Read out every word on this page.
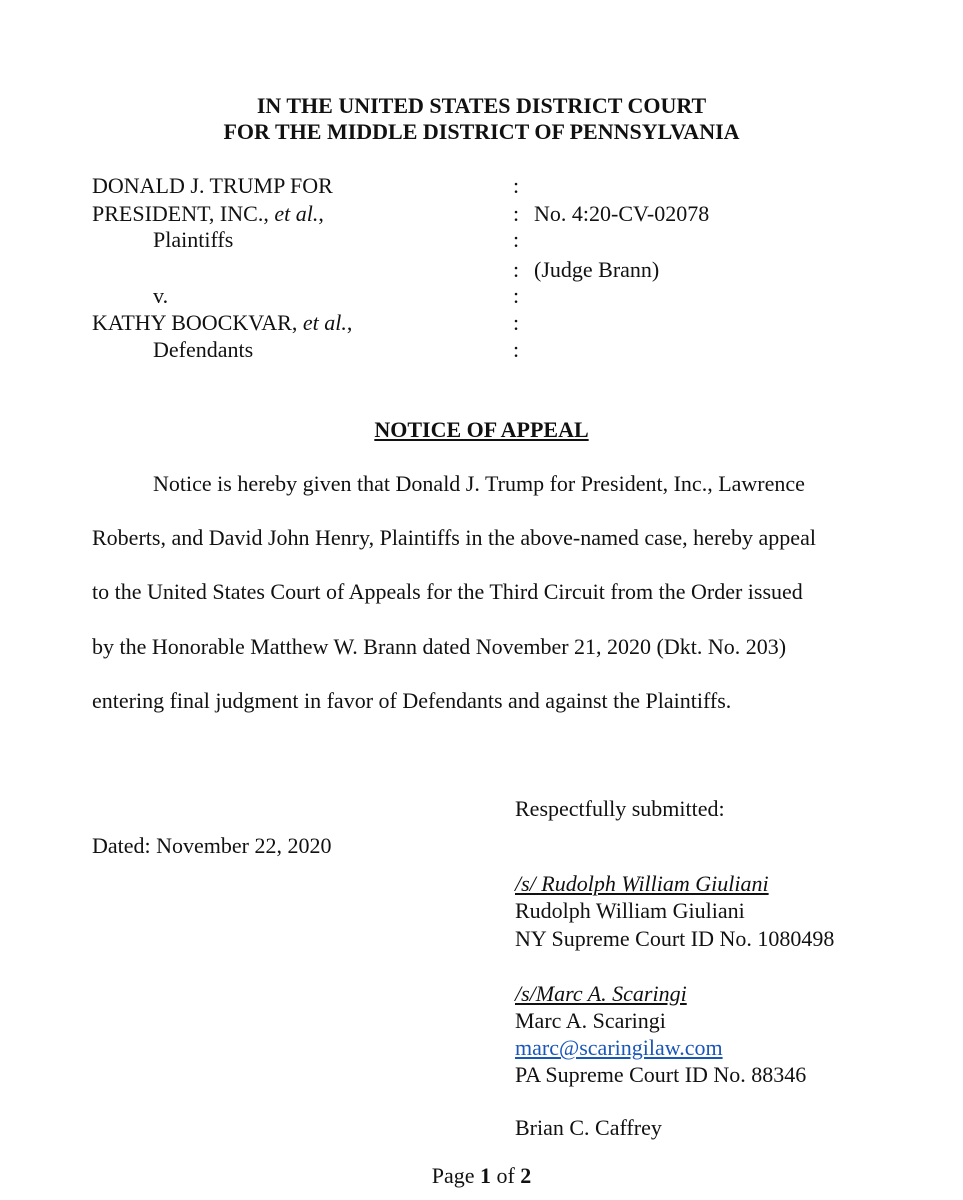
IN THE UNITED STATES DISTRICT COURT
FOR THE MIDDLE DISTRICT OF PENNSYLVANIA
DONALD J. TRUMP FOR
PRESIDENT, INC., et al.,
Plaintiffs
v.
KATHY BOOCKVAR, et al.,
Defendants
:
:
:
:
:
:
:
No. 4:20-CV-02078
(Judge Brann)
NOTICE OF APPEAL
Notice is hereby given that Donald J. Trump for President, Inc., Lawrence
Roberts, and David John Henry, Plaintiffs in the above-named case, hereby appeal
to the United States Court of Appeals for the Third Circuit from the Order issued
by the Honorable Matthew W. Brann dated November 21, 2020 (Dkt. No. 203)
entering final judgment in favor of Defendants and against the Plaintiffs.
Respectfully submitted:
Dated: November 22, 2020
/s/ Rudolph William Giuliani
Rudolph William Giuliani
NY Supreme Court ID No. 1080498
/s/Marc A. Scaringi
Marc A. Scaringi
marc@scaringilaw.com
PA Supreme Court ID No. 88346
Brian C. Caffrey
Page 1 of 2
